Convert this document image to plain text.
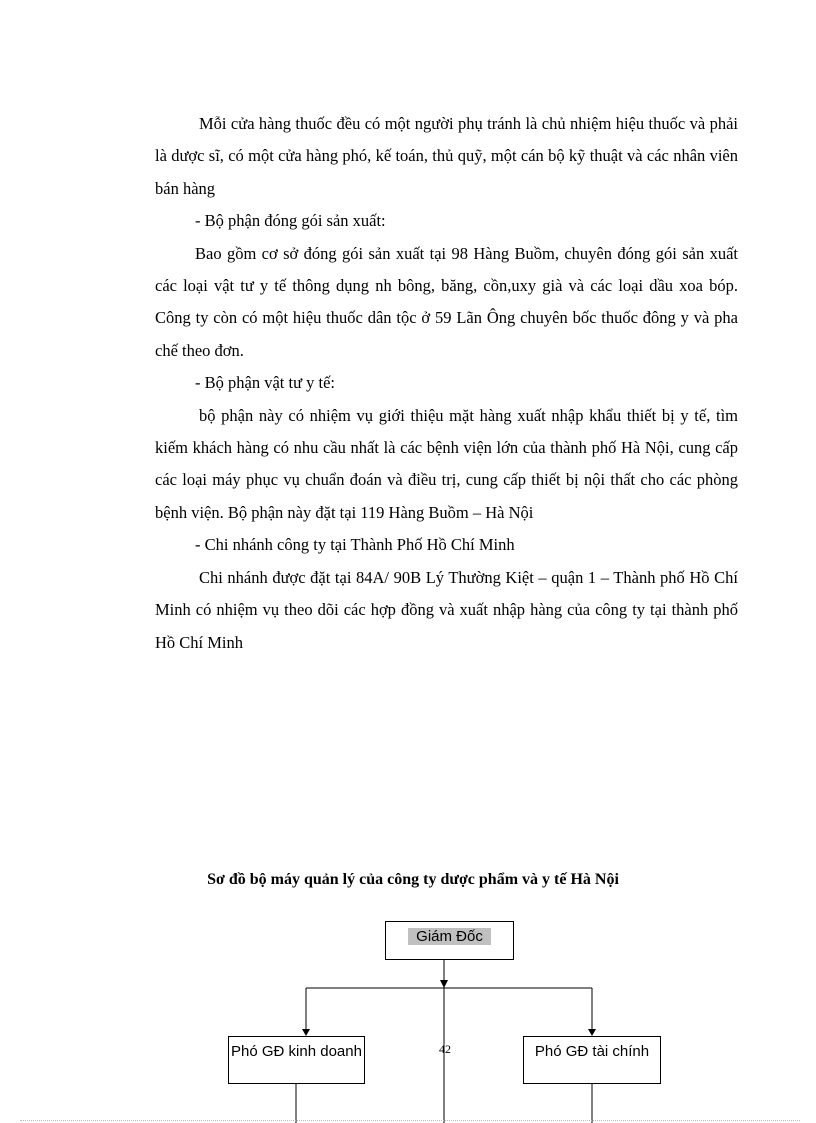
Mỗi cửa hàng thuốc đều có một người phụ tránh là chủ nhiệm hiệu thuốc và phải là dược sĩ, có một cửa hàng phó, kế toán, thủ quỹ, một cán bộ kỹ thuật và các nhân viên bán hàng

- Bộ phận đóng gói sản xuất:

Bao gồm cơ sở đóng gói sản xuất tại 98 Hàng Buồm, chuyên đóng gói sản xuất các loại vật tư y tế thông dụng nh bông, băng, cồn,uxy già và các loại dầu xoa bóp. Công ty còn có một hiệu thuốc dân tộc ở 59 Lãn Ông chuyên bốc thuốc đông y và pha chế theo đơn.

- Bộ phận vật tư y tế:

bộ phận này có nhiệm vụ giới thiệu mặt hàng xuất nhập khẩu thiết bị y tế, tìm kiếm khách hàng có nhu cầu nhất là các bệnh viện lớn của thành phố Hà Nội, cung cấp các loại máy phục vụ chuẩn đoán và điều trị, cung cấp thiết bị nội thất cho các phòng bệnh viện. Bộ phận này đặt tại 119 Hàng Buồm – Hà Nội

- Chi nhánh công ty tại Thành Phố Hồ Chí Minh

Chi nhánh được đặt tại 84A/ 90B Lý Thường Kiệt – quận 1 – Thành phố Hồ Chí Minh có nhiệm vụ theo dõi các hợp đồng và xuất nhập hàng của công ty tại thành phố Hồ Chí Minh

Sơ đồ bộ máy quản lý của công ty dược phẩm và y tế Hà Nội
Giám Đốc
Phó GĐ kinh doanh	Phó GĐ tài chính
42
